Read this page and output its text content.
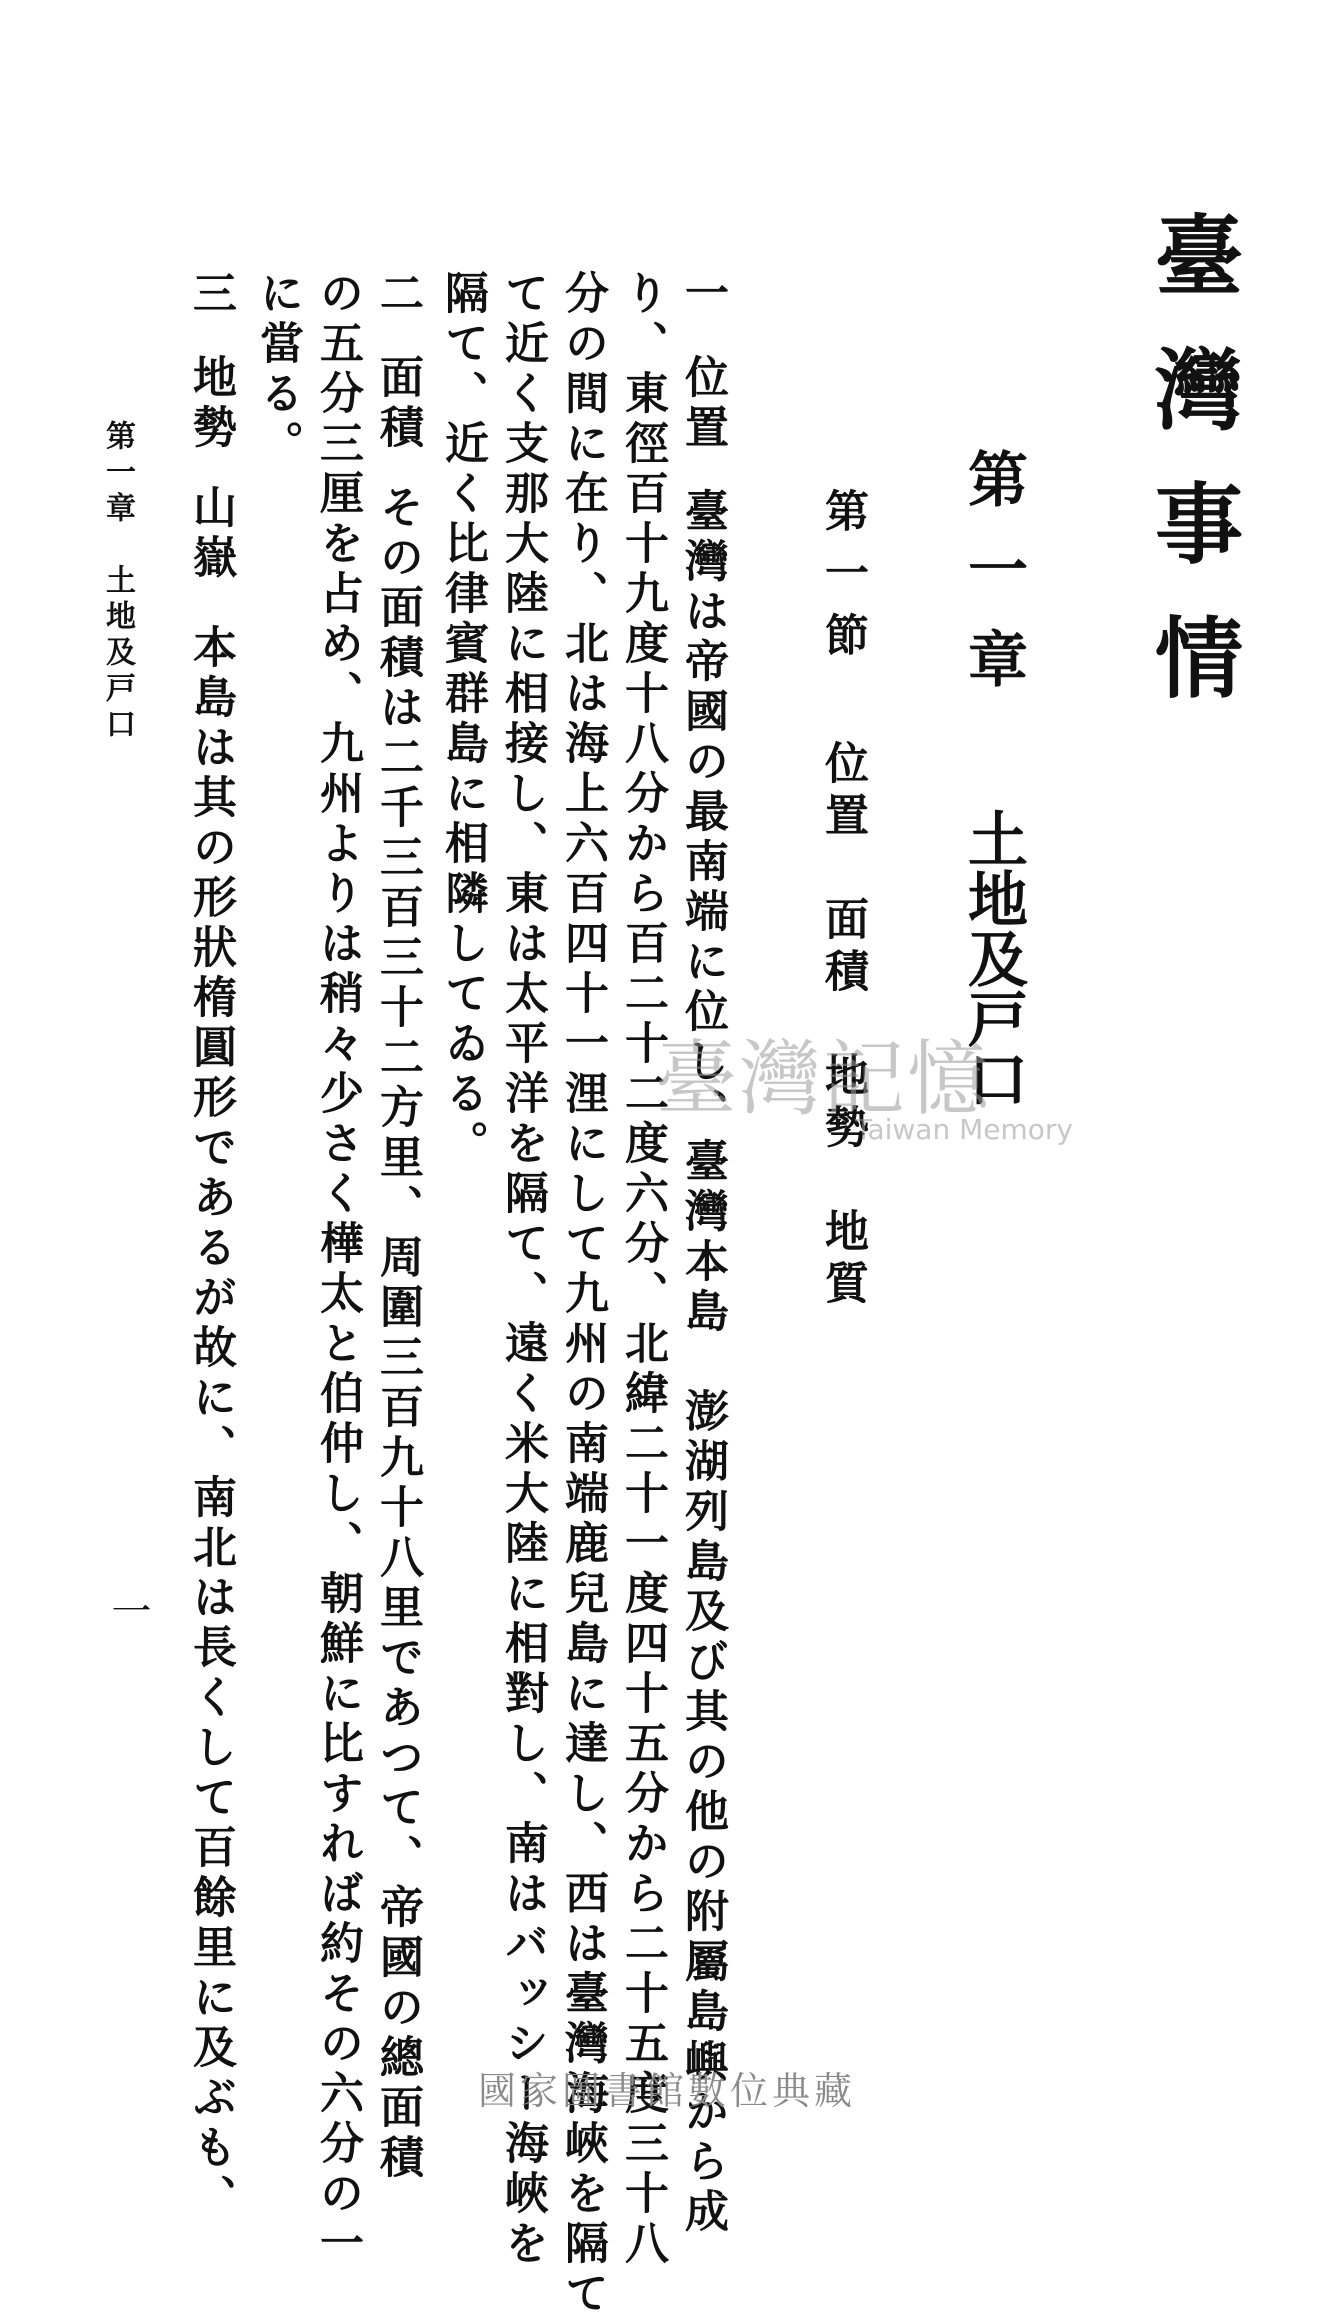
臺灣事情
第一章
土地及戸口
第一節
位置　面積　地勢　地質
一位置臺灣は帝國の最南端に位し、臺灣本島　澎湖列島及び其の他の附屬島嶼から成
り、東徑百十九度十八分から百二十二度六分、北緯二十一度四十五分から二十五度三十八
分の間に在り、北は海上六百四十一浬にして九州の南端鹿兒島に達し、西は臺灣海峽を隔て
て近く支那大陸に相接し、東は太平洋を隔て、遠く米大陸に相對し、南はバッシー海峽を
隔て、近く比律賓群島に相隣してゐる。
二面積その面積は二千三百三十二方里、周圍三百九十八里であつて、帝國の總面積
の五分三厘を占め、九州よりは稍々少さく樺太と伯仲し、朝鮮に比すれば約その六分の一
に當る。
三地勢山嶽本島は其の形狀楕圓形であるが故に、南北は長くして百餘里に及ぶも、
第一章　土地及戸口
一
臺灣記憶
Taiwan Memory
國家圖書館數位典藏
